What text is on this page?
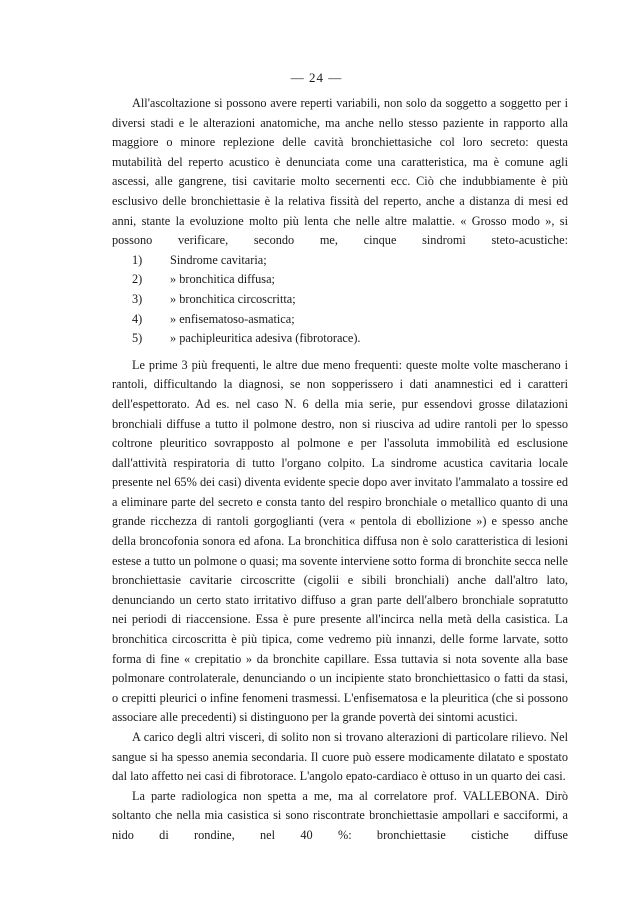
— 24 —

All'ascoltazione si possono avere reperti variabili, non solo da soggetto a soggetto per i diversi stadi e le alterazioni anatomiche, ma anche nello stesso paziente in rapporto alla maggiore o minore replezione delle cavità bronchiettasiche col loro secreto: questa mutabilità del reperto acustico è denunciata come una caratteristica, ma è comune agli ascessi, alle gangrene, tisi cavitarie molto secernenti ecc. Ciò che indubbiamente è più esclusivo delle bronchiettasie è la relativa fissità del reperto, anche a distanza di mesi ed anni, stante la evoluzione molto più lenta che nelle altre malattie. « Grosso modo », si possono verificare, secondo me, cinque sindromi steto-acustiche:

1) Sindrome cavitaria;
2) » bronchitica diffusa;
3) » bronchitica circoscritta;
4) » enfisematoso-asmatica;
5) » pachipleuritica adesiva (fibrotorace).

Le prime 3 più frequenti, le altre due meno frequenti: queste molte volte mascherano i rantoli, difficultando la diagnosi, se non sopperissero i dati anamnestici ed i caratteri dell'espettorato. Ad es. nel caso N. 6 della mia serie, pur essendovi grosse dilatazioni bronchiali diffuse a tutto il polmone destro, non si riusciva ad udire rantoli per lo spesso coltrone pleuritico sovrapposto al polmone e per l'assoluta immobilità ed esclusione dall'attività respiratoria di tutto l'organo colpito. La sindrome acustica cavitaria locale presente nel 65% dei casi) diventa evidente specie dopo aver invitato l'ammalato a tossire ed a eliminare parte del secreto e consta tanto del respiro bronchiale o metallico quanto di una grande ricchezza di rantoli gorgoglianti (vera « pentola di ebollizione ») e spesso anche della broncofonia sonora ed afona. La bronchitica diffusa non è solo caratteristica di lesioni estese a tutto un polmone o quasi; ma sovente interviene sotto forma di bronchite secca nelle bronchiettasie cavitarie circoscritte (cigolii e sibili bronchiali) anche dall'altro lato, denunciando un certo stato irritativo diffuso a gran parte dell'albero bronchiale sopratutto nei periodi di riaccensione. Essa è pure presente all'incirca nella metà della casistica. La bronchitica circoscritta è più tipica, come vedremo più innanzi, delle forme larvate, sotto forma di fine « crepitatio » da bronchite capillare. Essa tuttavia si nota sovente alla base polmonare controlaterale, denunciando o un incipiente stato bronchiettasico o fatti da stasi, o crepitti pleurici o infine fenomeni trasmessi. L'enfisematosa e la pleuritica (che si possono associare alle precedenti) si distinguono per la grande povertà dei sintomi acustici.

A carico degli altri visceri, di solito non si trovano alterazioni di particolare rilievo. Nel sangue si ha spesso anemia secondaria. Il cuore può essere modicamente dilatato e spostato dal lato affetto nei casi di fibrotorace. L'angolo epato-cardiaco è ottuso in un quarto dei casi.

La parte radiologica non spetta a me, ma al correlatore prof. VALLEBONA. Dirò soltanto che nella mia casistica si sono riscontrate bronchiettasie ampollari e sacciformi, a nido di rondine, nel 40 %: bronchiettasie cistiche diffuse
